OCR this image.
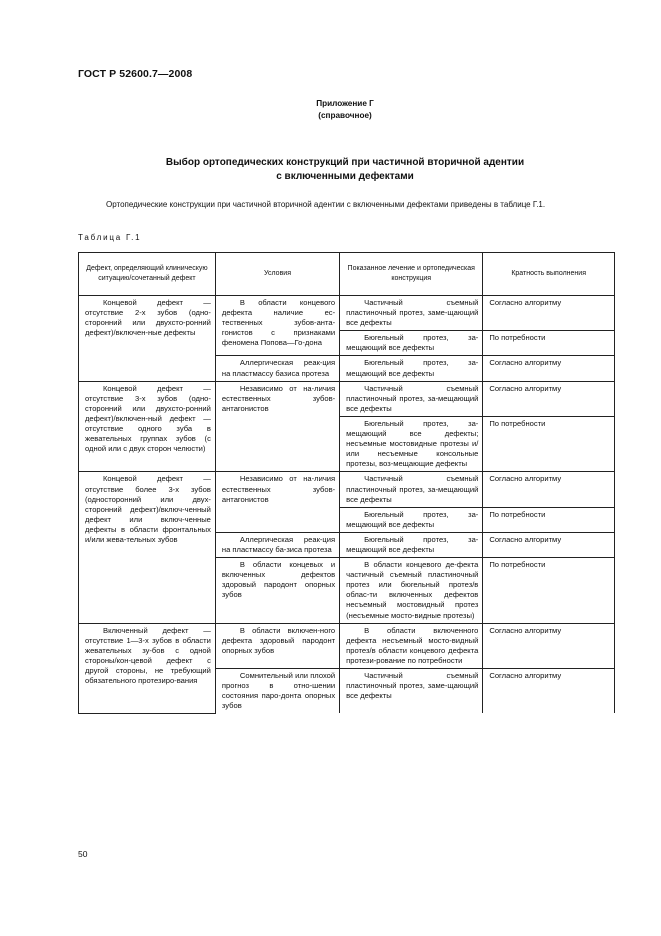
ГОСТ Р 52600.7—2008
Приложение Г
(справочное)
Выбор ортопедических конструкций при частичной вторичной адентии
с включенными дефектами
Ортопедические конструкции при частичной вторичной адентии с включенными дефектами приведены в таблице Г.1.
Таблица Г.1
Дефект, определяющий клиническую ситуацию/сочетанный дефект	Условия	Показанное лечение и ортопедическая конструкция	Кратность выполнения

Концевой дефект — отсутствие 2-х зубов (одно-сторонний или двухсто-ронний дефект)/включен-ные дефекты	В области концевого дефекта наличие ес-тественных зубов-анта-гонистов с признаками феномена Попова—Го-дона	Частичный съемный пластиночный протез, заме-щающий все дефекты	Согласно алгоритму

		Бюгельный протез, за-мещающий все дефекты	По потребности

	Аллергическая реак-ция на пластмассу базиса протеза	Бюгельный протез, за-мещающий все дефекты	Согласно алгоритму

Концевой дефект — отсутствие 3-х зубов (одно-сторонний или двухсто-ронний дефект)/включен-ный дефект — отсутствие одного зуба в жевательных группах зубов (с одной или с двух сторон челюсти)	Независимо от на-личия естественных зубов-антагонистов	Частичный съемный пластиночный протез, за-мещающий все дефекты	Согласно алгоритму

		Бюгельный протез, за-мещающий все дефекты; несъемные мостовидные протезы и/или несъемные консольные протезы, воз-мещающие дефекты	По потребности

Концевой дефект — отсутствие более 3-х зубов (односторонний или двух-сторонний дефект)/включ-ченный дефект или включ-ченные дефекты в области фронтальных и/или жева-тельных зубов	Независимо от на-личия естественных зубов-антагонистов	Частичный съемный пластиночный протез, за-мещающий все дефекты	Согласно алгоритму

		Бюгельный протез, за-мещающий все дефекты	По потребности

	Аллергическая реак-ция на пластмассу ба-зиса протеза	Бюгельный протез, за-мещающий все дефекты	Согласно алгоритму

	В области концевых и включенных дефектов здоровый пародонт опорных зубов	В области концевого де-фекта частичный съемный пластиночный протез или бюгельный протез/в облас-ти включенных дефектов несъемный мостовидный протез (несъемные мосто-видные протезы)	По потребности

Включенный дефект — отсутствие 1—3-х зубов в области жевательных зу-бов с одной стороны/кон-цевой дефект с другой стороны, не требующий обязательного протезиро-вания	В области включен-ного дефекта здоровый пародонт опорных зубов	В области включенного дефекта несъемный мосто-видный протез/в области концевого дефекта протези-рование по потребности	Согласно алгоритму

	Сомнительный или плохой прогноз в отно-шении состояния паро-донта опорных зубов	Частичный съемный пластиночный протез, заме-щающий все дефекты	Согласно алгоритму
50
